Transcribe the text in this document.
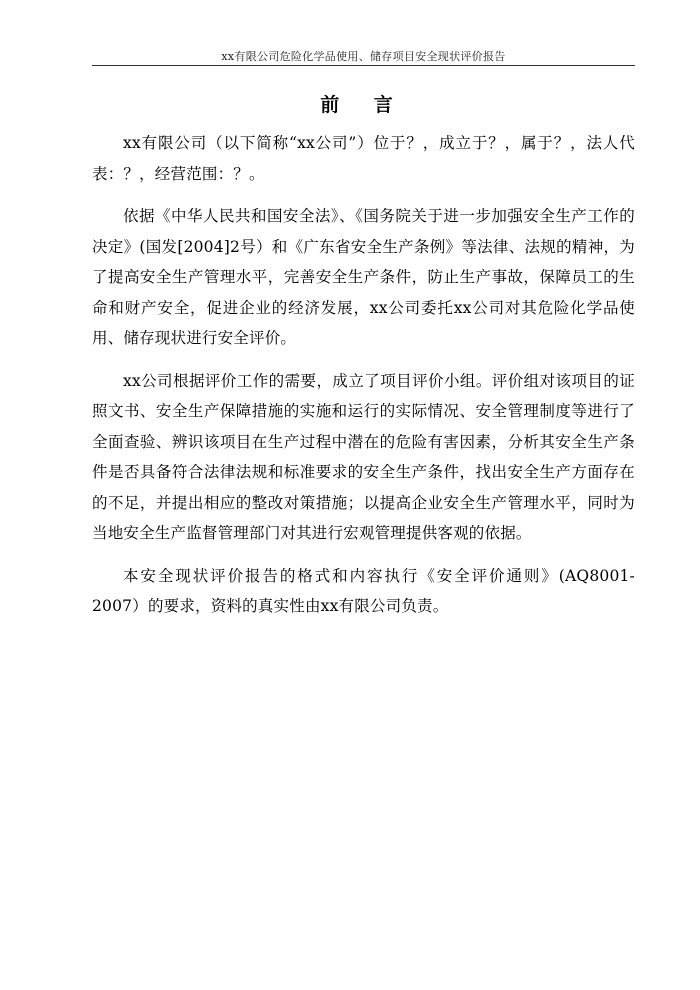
xx有限公司危险化学品使用、储存项目安全现状评价报告
前 言

xx有限公司（以下简称“xx公司”）位于？，成立于？，属于？，法人代表：？，经营范围：？。

依据《中华人民共和国安全法》、《国务院关于进一步加强安全生产工作的决定》(国发[2004]2号）和《广东省安全生产条例》等法律、法规的精神，为了提高安全生产管理水平，完善安全生产条件，防止生产事故，保障员工的生命和财产安全，促进企业的经济发展，xx公司委托xx公司对其危险化学品使用、储存现状进行安全评价。

xx公司根据评价工作的需要，成立了项目评价小组。评价组对该项目的证照文书、安全生产保障措施的实施和运行的实际情况、安全管理制度等进行了全面查验、辨识该项目在生产过程中潜在的危险有害因素，分析其安全生产条件是否具备符合法律法规和标准要求的安全生产条件，找出安全生产方面存在的不足，并提出相应的整改对策措施；以提高企业安全生产管理水平，同时为当地安全生产监督管理部门对其进行宏观管理提供客观的依据。

本安全现状评价报告的格式和内容执行《安全评价通则》(AQ8001-2007）的要求，资料的真实性由xx有限公司负责。
